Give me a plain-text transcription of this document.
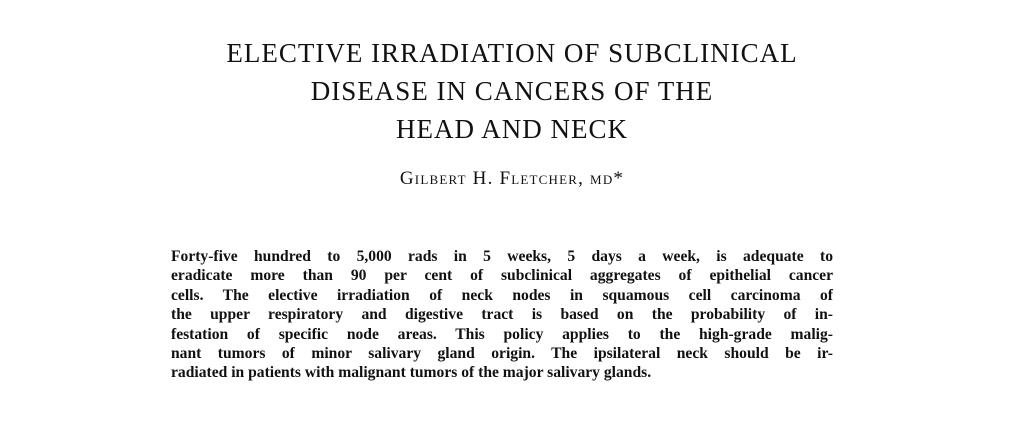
ELECTIVE IRRADIATION OF SUBCLINICAL
DISEASE IN CANCERS OF THE
HEAD AND NECK
Gilbert H. Fletcher, md*

Forty-five hundred to 5,000 rads in 5 weeks, 5 days a week, is adequate to
eradicate more than 90 per cent of subclinical aggregates of epithelial cancer
cells. The elective irradiation of neck nodes in squamous cell carcinoma of
the upper respiratory and digestive tract is based on the probability of in-
festation of specific node areas. This policy applies to the high-grade malig-
nant tumors of minor salivary gland origin. The ipsilateral neck should be ir-
radiated in patients with malignant tumors of the major salivary glands.
